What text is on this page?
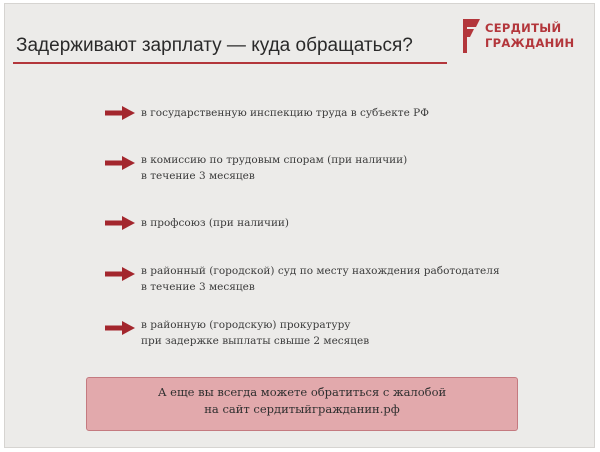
Задерживают зарплату — куда обращаться?
СЕРДИТЫЙ
ГРАЖДАНИН
в государственную инспекцию труда в субъекте РФ
в комиссию по трудовым спорам (при наличии)
в течение 3 месяцев
в профсоюз (при наличии)
в районный (городской) суд по месту нахождения работодателя
в течение 3 месяцев
в районную (городскую) прокуратуру
при задержке выплаты свыше 2 месяцев
А еще вы всегда можете обратиться с жалобой
на сайт сердитыйгражданин.рф
